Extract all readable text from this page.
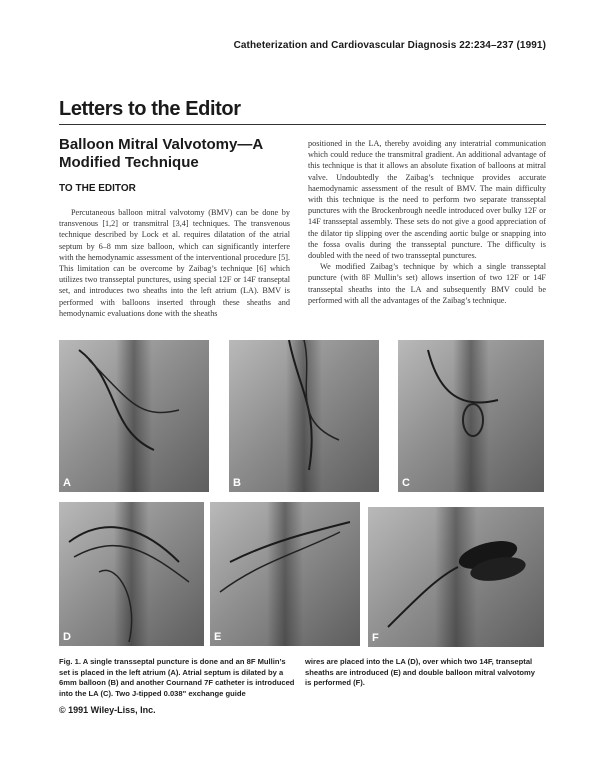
Catheterization and Cardiovascular Diagnosis 22:234–237 (1991)
Letters to the Editor
Balloon Mitral Valvotomy—A Modified Technique
TO THE EDITOR

Percutaneous balloon mitral valvotomy (BMV) can be done by transvenous [1,2] or transmitral [3,4] techniques. The transvenous technique described by Lock et al. requires dilatation of the atrial septum by 6–8 mm size balloon, which can significantly interfere with the hemodynamic assessment of the interventional procedure [5]. This limitation can be overcome by Zaibag’s technique [6] which utilizes two transseptal punctures, using special 12F or 14F transeptal set, and introduces two sheaths into the left atrium (LA). BMV is performed with balloons inserted through these sheaths and hemodynamic evaluations done with the sheaths

positioned in the LA, thereby avoiding any interatrial communication which could reduce the transmitral gradient. An additional advantage of this technique is that it allows an absolute fixation of balloons at mitral valve. Undoubtedly the Zaibag’s technique provides accurate haemodynamic assessment of the result of BMV. The main difficulty with this technique is the need to perform two separate transseptal punctures with the Brockenbrough needle introduced over bulky 12F or 14F transseptal assembly. These sets do not give a good appreciation of the dilator tip slipping over the ascending aortic bulge or snapping into the fossa ovalis during the transseptal puncture. The difficulty is doubled with the need of two transseptal punctures.

We modified Zaibag’s technique by which a single transseptal puncture (with 8F Mullin’s set) allows insertion of two 12F or 14F transseptal sheaths into the LA and subsequently BMV could be performed with all the advantages of the Zaibag’s technique.

A	B	C
D	E	F
Fig. 1. A single transseptal puncture is done and an 8F Mullin’s set is placed in the left atrium (A). Atrial septum is dilated by a 6mm balloon (B) and another Cournand 7F catheter is introduced into the LA (C). Two J-tipped 0.038" exchange guide
wires are placed into the LA (D), over which two 14F, transeptal sheaths are introduced (E) and double balloon mitral valvotomy is performed (F).
© 1991 Wiley-Liss, Inc.
